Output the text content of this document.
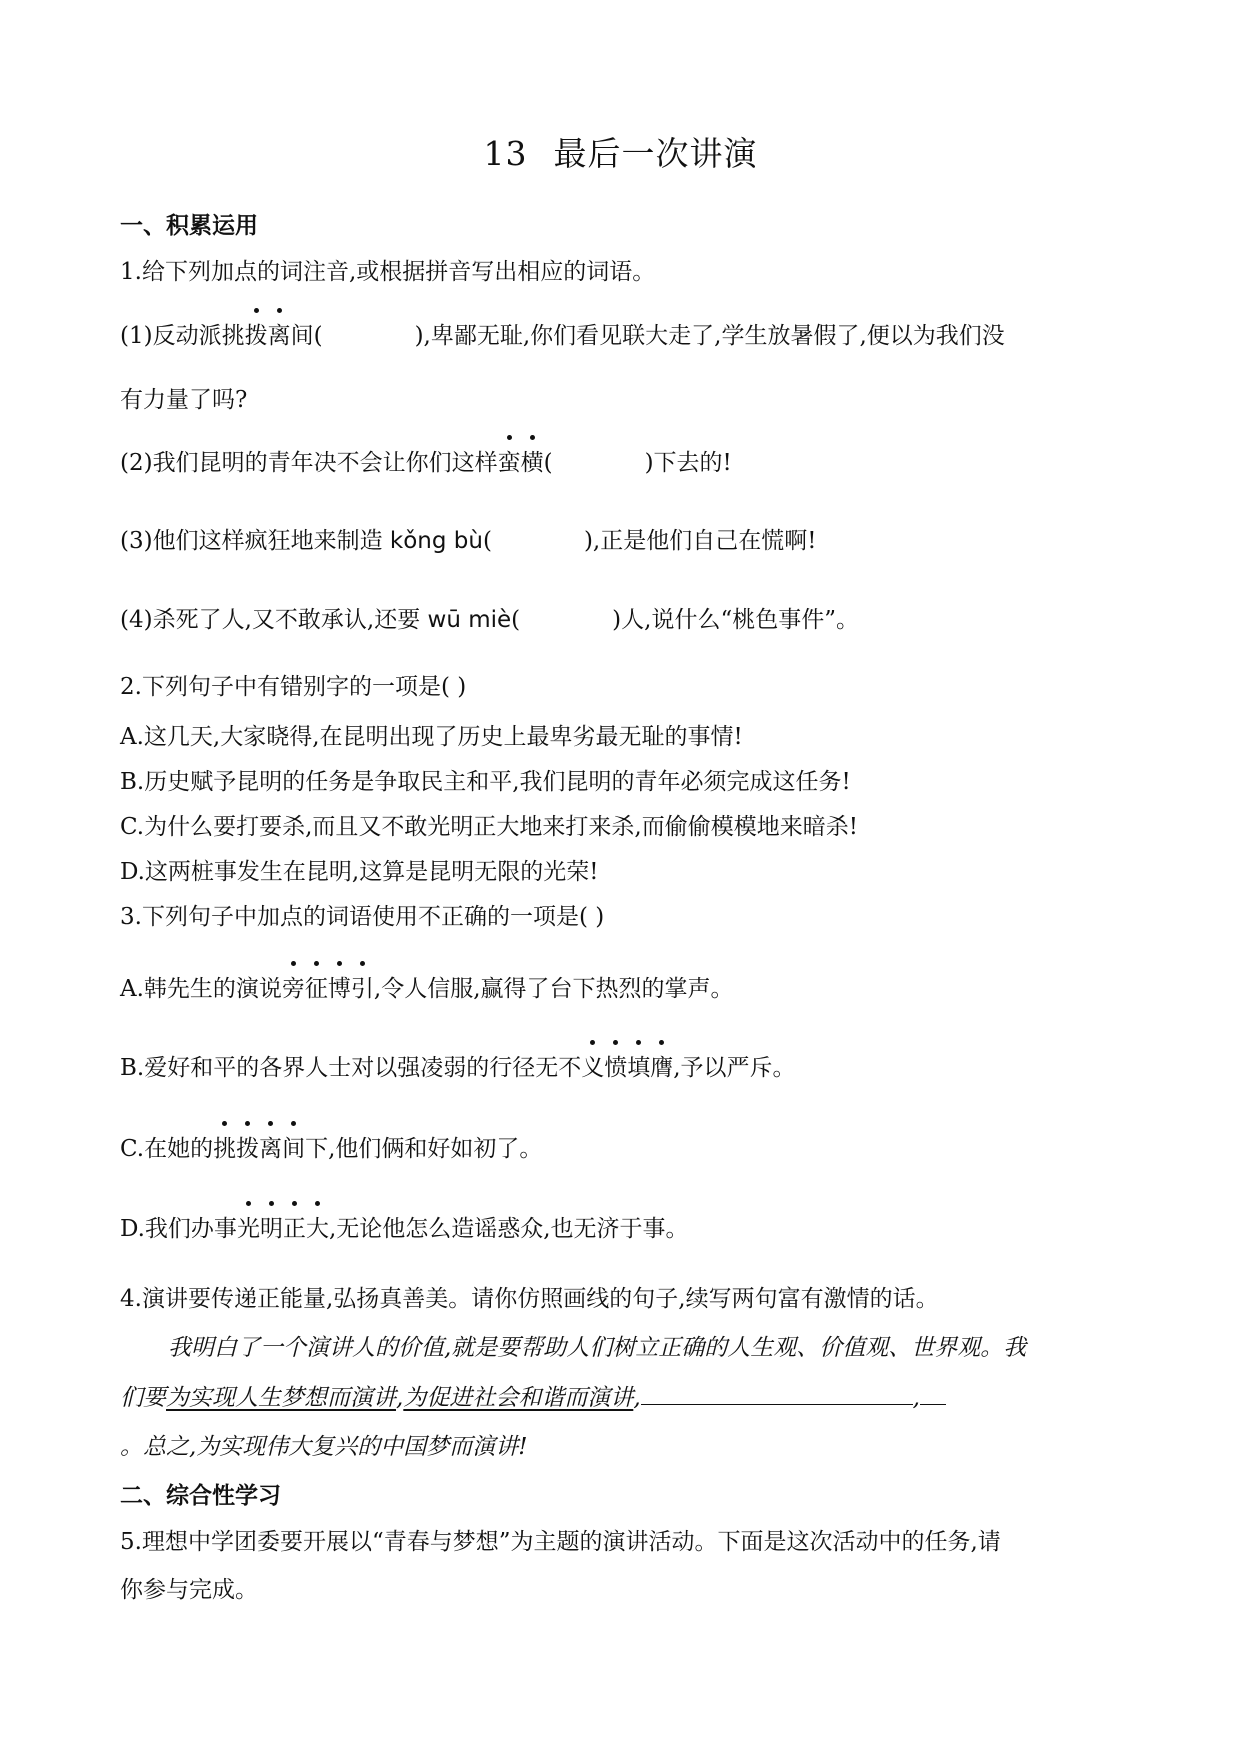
13 最后一次讲演
一、积累运用
1.给下列加点的词注音,或根据拼音写出相应的词语。
(1)反动派挑拨离间(	),卑鄙无耻,你们看见联大走了,学生放暑假了,便以为我们没
有力量了吗?
(2)我们昆明的青年决不会让你们这样蛮横(	)下去的!
(3)他们这样疯狂地来制造 kǒng bù(	),正是他们自己在慌啊!
(4)杀死了人,又不敢承认,还要 wū miè(	)人,说什么“桃色事件”。
2.下列句子中有错别字的一项是( )
A.这几天,大家晓得,在昆明出现了历史上最卑劣最无耻的事情!
B.历史赋予昆明的任务是争取民主和平,我们昆明的青年必须完成这任务!
C.为什么要打要杀,而且又不敢光明正大地来打来杀,而偷偷模模地来暗杀!
D.这两桩事发生在昆明,这算是昆明无限的光荣!
3.下列句子中加点的词语使用不正确的一项是( )
A.韩先生的演说旁征博引,令人信服,赢得了台下热烈的掌声。
B.爱好和平的各界人士对以强凌弱的行径无不义愤填膺,予以严斥。
C.在她的挑拨离间下,他们俩和好如初了。
D.我们办事光明正大,无论他怎么造谣惑众,也无济于事。
4.演讲要传递正能量,弘扬真善美。请你仿照画线的句子,续写两句富有激情的话。
我明白了一个演讲人的价值,就是要帮助人们树立正确的人生观、价值观、世界观。我
们要为实现人生梦想而演讲,为促进社会和谐而演讲,	,
。总之,为实现伟大复兴的中国梦而演讲!
二、综合性学习
5.理想中学团委要开展以“青春与梦想”为主题的演讲活动。下面是这次活动中的任务,请
你参与完成。
